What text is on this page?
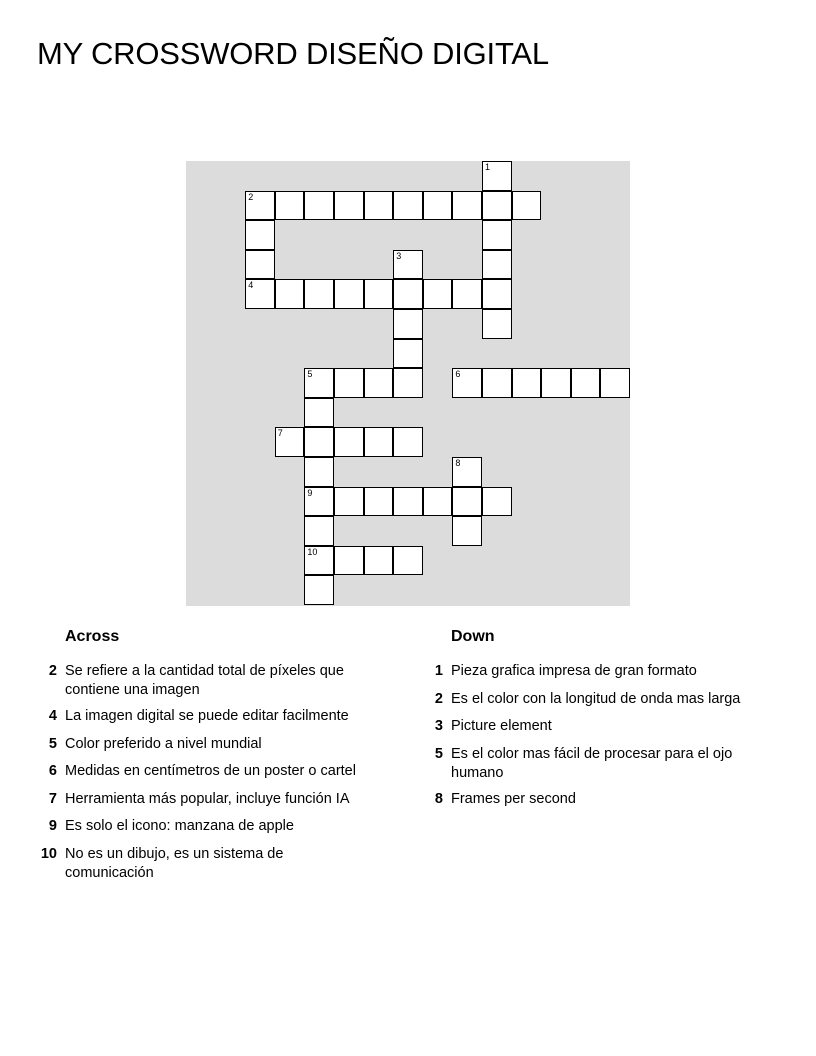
MY CROSSWORD DISEÑO DIGITAL
1
2
3
4
5	6
7
8
9
10
Across
2 Se refiere a la cantidad total de píxeles que contiene una imagen
4 La imagen digital se puede editar facilmente
5 Color preferido a nivel mundial
6 Medidas en centímetros de un poster o cartel
7 Herramienta más popular, incluye función IA
9 Es solo el icono: manzana de apple
10 No es un dibujo, es un sistema de comunicación
Down
1 Pieza grafica impresa de gran formato
2 Es el color con la longitud de onda mas larga
3 Picture element
5 Es el color mas fácil de procesar para el ojo humano
8 Frames per second
